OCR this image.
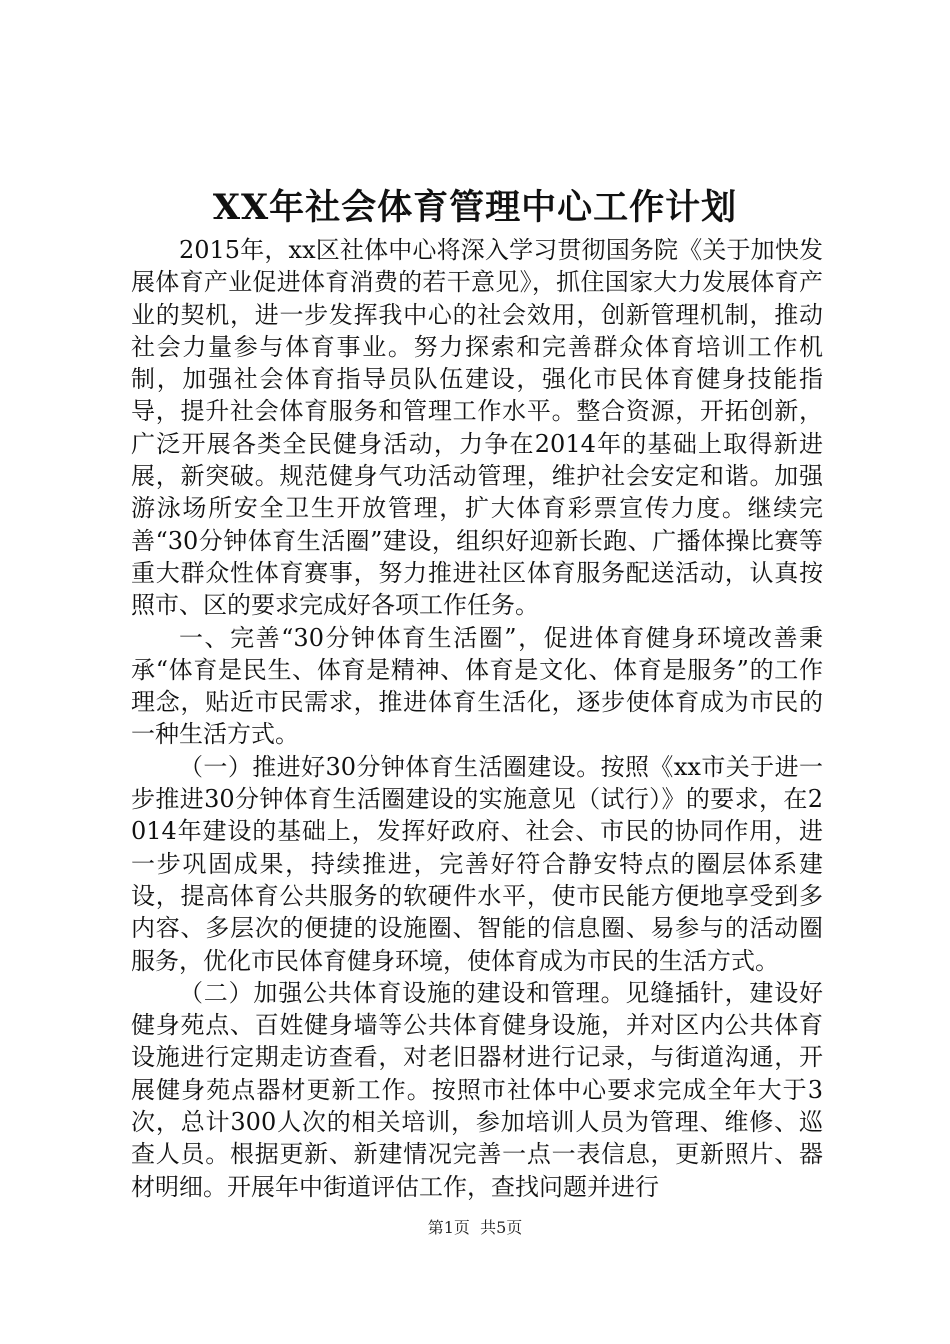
XX年社会体育管理中心工作计划

2015年，xx区社体中心将深入学习贯彻国务院《关于加快发展体育产业促进体育消费的若干意见》，抓住国家大力发展体育产业的契机，进一步发挥我中心的社会效用，创新管理机制，推动社会力量参与体育事业。努力探索和完善群众体育培训工作机制，加强社会体育指导员队伍建设，强化市民体育健身技能指导，提升社会体育服务和管理工作水平。整合资源，开拓创新，广泛开展各类全民健身活动，力争在2014年的基础上取得新进展，新突破。规范健身气功活动管理，维护社会安定和谐。加强游泳场所安全卫生开放管理，扩大体育彩票宣传力度。继续完善“30分钟体育生活圈”建设，组织好迎新长跑、广播体操比赛等重大群众性体育赛事，努力推进社区体育服务配送活动，认真按照市、区的要求完成好各项工作任务。

一、完善“30分钟体育生活圈”，促进体育健身环境改善秉承“体育是民生、体育是精神、体育是文化、体育是服务”的工作理念，贴近市民需求，推进体育生活化，逐步使体育成为市民的一种生活方式。

（一）推进好30分钟体育生活圈建设。按照《xx市关于进一步推进30分钟体育生活圈建设的实施意见（试行）》的要求，在2014年建设的基础上，发挥好政府、社会、市民的协同作用，进一步巩固成果，持续推进，完善好符合静安特点的圈层体系建设，提高体育公共服务的软硬件水平，使市民能方便地享受到多内容、多层次的便捷的设施圈、智能的信息圈、易参与的活动圈服务，优化市民体育健身环境，使体育成为市民的生活方式。

（二）加强公共体育设施的建设和管理。见缝插针，建设好健身苑点、百姓健身墙等公共体育健身设施，并对区内公共体育设施进行定期走访查看，对老旧器材进行记录，与街道沟通，开展健身苑点器材更新工作。按照市社体中心要求完成全年大于3次，总计300人次的相关培训，参加培训人员为管理、维修、巡查人员。根据更新、新建情况完善一点一表信息，更新照片、器材明细。开展年中街道评估工作，查找问题并进行

第1页 共5页
